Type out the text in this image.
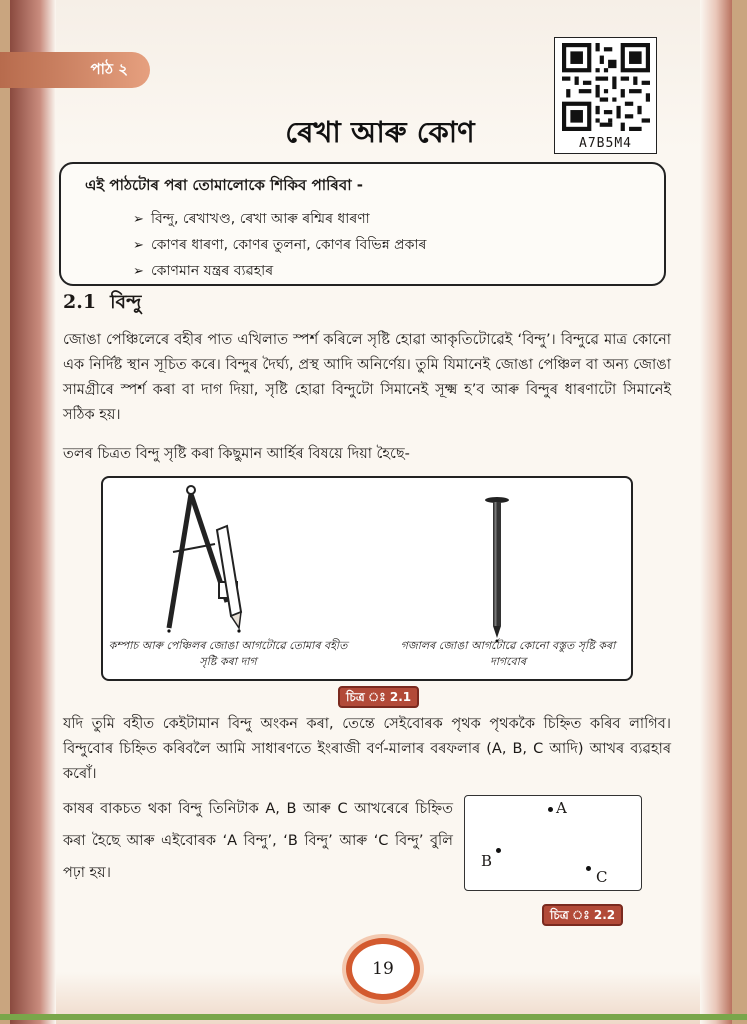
পাঠ ২
A7B5M4
ৰেখা আৰু কোণ
এই পাঠটোৰ পৰা তোমালোকে শিকিব পাৰিবা -
➢ বিন্দু, ৰেখাখণ্ড, ৰেখা আৰু ৰশ্মিৰ ধাৰণা
➢ কোণৰ ধাৰণা, কোণৰ তুলনা, কোণৰ বিভিন্ন প্ৰকাৰ
➢ কোণমান যন্ত্ৰৰ ব্যৱহাৰ
2.1 বিন্দু

জোঙা পেঞ্চিলেৰে বহীৰ পাত এখিলাত স্পৰ্শ কৰিলে সৃষ্টি হোৱা আকৃতিটোৱেই ‘বিন্দু’। বিন্দুৱে মাত্ৰ কোনো এক নিৰ্দিষ্ট স্থান সূচিত কৰে। বিন্দুৰ দৈৰ্ঘ্য, প্ৰস্থ আদি অনিৰ্ণেয়। তুমি যিমানেই জোঙা পেঞ্চিল বা অন্য জোঙা সামগ্ৰীৰে স্পৰ্শ কৰা বা দাগ দিয়া, সৃষ্টি হোৱা বিন্দুটো সিমানেই সূক্ষ্ম হ’ব আৰু বিন্দুৰ ধাৰণাটো সিমানেই সঠিক হয়।

তলৰ চিত্ৰত বিন্দু সৃষ্টি কৰা কিছুমান আৰ্হিৰ বিষয়ে দিয়া হৈছে-

কম্পাচ আৰু পেঞ্চিলৰ জোঙা আগটোৱে তোমাৰ বহীত সৃষ্টি কৰা দাগ
গজালৰ জোঙা আগটোৱে কোনো বস্তুত সৃষ্টি কৰা দাগবোৰ
চিত্ৰ ঃ 2.1

যদি তুমি বহীত কেইটামান বিন্দু অংকন কৰা, তেন্তে সেইবোৰক পৃথক পৃথককৈ চিহ্নিত কৰিব লাগিব। বিন্দুবোৰ চিহ্নিত কৰিবলৈ আমি সাধাৰণতে ইংৰাজী বৰ্ণ-মালাৰ বৰফলাৰ (A, B, C আদি) আখৰ ব্যৱহাৰ কৰোঁ।

কাষৰ বাকচত থকা বিন্দু তিনিটাক A, B আৰু C আখৰেৰে চিহ্নিত কৰা হৈছে আৰু এইবোৰক ‘A বিন্দু’, ‘B বিন্দু’ আৰু ‘C বিন্দু’ বুলি পঢ়া হয়।

A
B
C
চিত্ৰ ঃ 2.2
19
